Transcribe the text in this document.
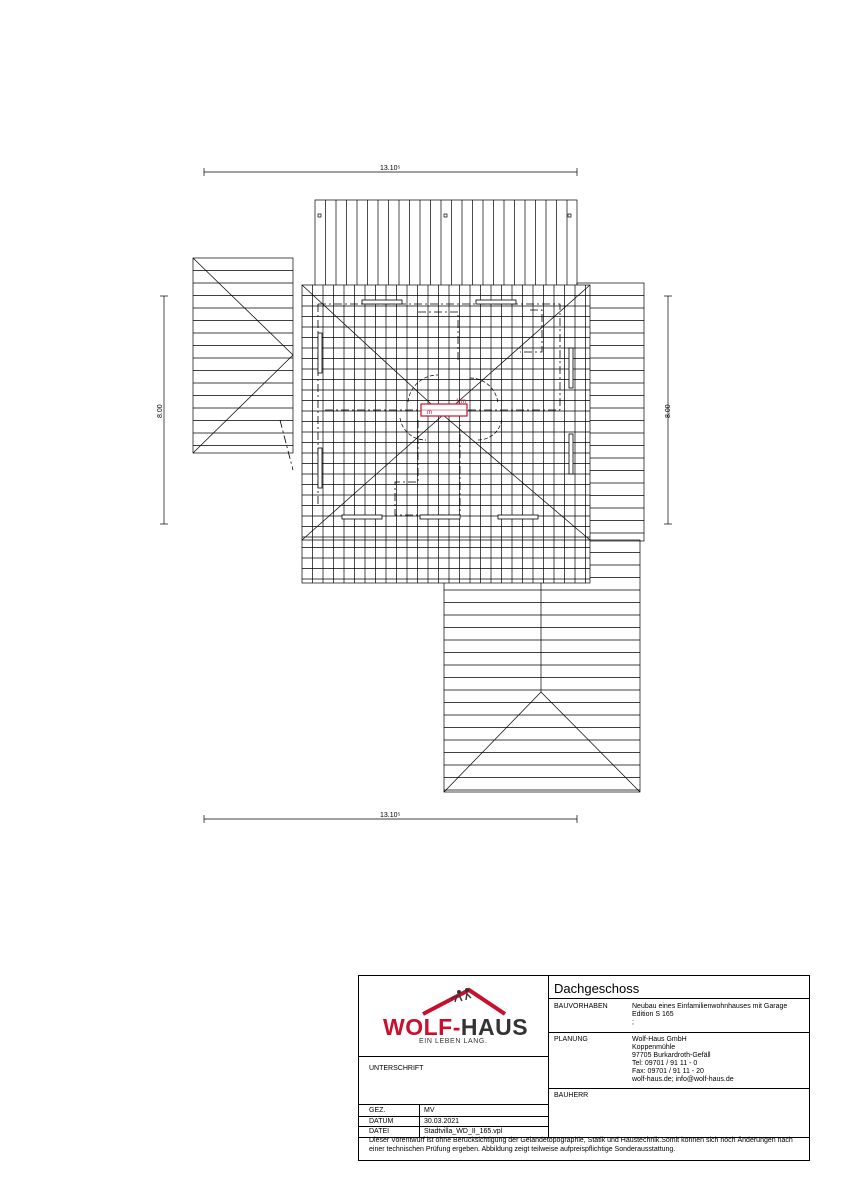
13.10⁵
13.10⁵
8.00	8.00
1 m
m
WOLF-HAUS
EIN LEBEN LANG.
UNTERSCHRIFT
GEZ.	MV
DATUM	30.03.2021
DATEI	Stadtvilla_WD_II_165.vpl
Dachgeschoss
BAUVORHABEN	Neubau eines Einfamilienwohnhauses mit Garage
Edition S 165
;
PLANUNG	Wolf-Haus GmbH
Koppenmühle
97705 Burkardroth-Gefäll
Tel: 09701 / 91 11 - 0
Fax: 09701 / 91 11 - 20
wolf-haus.de; info@wolf-haus.de
BAUHERR
Dieser Vorentwurf ist ohne Berücksichtigung der Geländetopographie, Statik und Haustechnik.Somit können sich noch Änderungen nach einer technischen Prüfung ergeben. Abbildung zeigt teilweise aufpreispflichtige Sonderausstattung.
